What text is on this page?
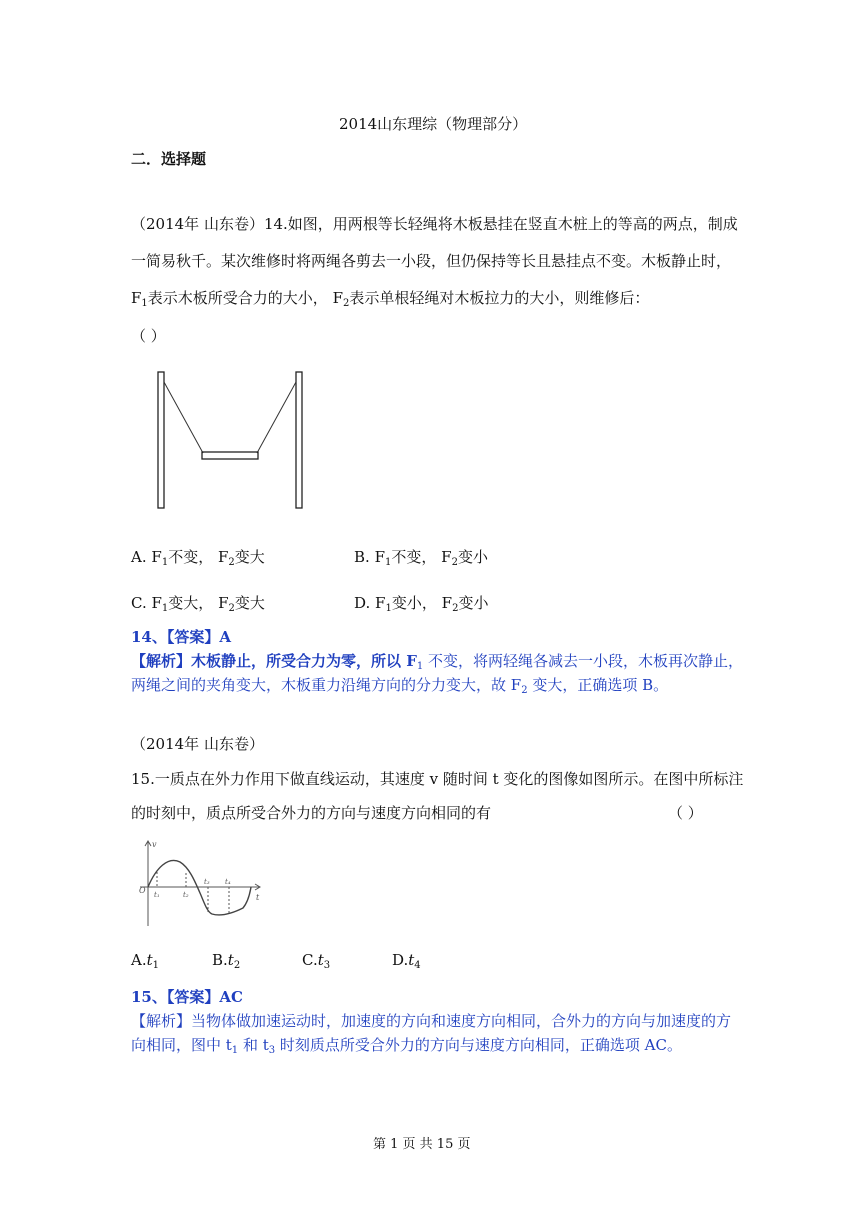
2014山东理综（物理部分）
二．选择题
（2014年 山东卷）14.如图，用两根等长轻绳将木板悬挂在竖直木桩上的等高的两点，制成
一简易秋千。某次维修时将两绳各剪去一小段，但仍保持等长且悬挂点不变。木板静止时，
$F_1$表示木板所受合力的大小， $F_2$表示单根轻绳对木板拉力的大小，则维修后：
（ ）
A. $F_1$不变， $F_2$变大	B. $F_1$不变， $F_2$变小
C. $F_1$变大， $F_2$变大	D. $F_1$变小， $F_2$变小
14、【答案】A
【解析】木板静止，所受合力为零，所以 $F_1$ 不变，将两轻绳各减去一小段，木板再次静止，
两绳之间的夹角变大，木板重力沿绳方向的分力变大，故 $F_2$ 变大，正确选项 B。
（2014年 山东卷）
15.一质点在外力作用下做直线运动，其速度 v 随时间 t 变化的图像如图所示。在图中所标注
的时刻中，质点所受合外力的方向与速度方向相同的有	（ ）
v
O
t
t₁	t₂
t₃ t₄
$A.t_1$	$B.t_2$	$C.t_3$	$D.t_4$
15、【答案】AC
【解析】当物体做加速运动时，加速度的方向和速度方向相同，合外力的方向与加速度的方
向相同，图中 $t_1$ 和 $t_3$ 时刻质点所受合外力的方向与速度方向相同，正确选项 AC。
第 1 页 共 15 页
